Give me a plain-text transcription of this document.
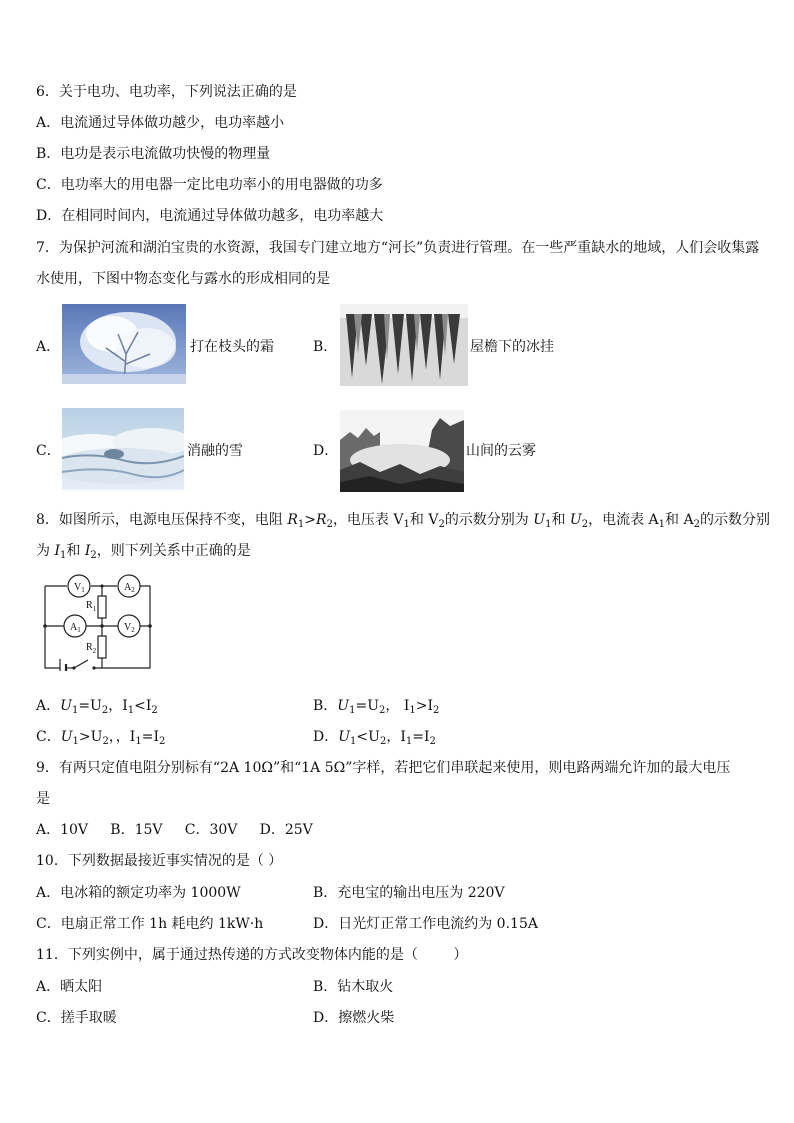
6．关于电功、电功率，下列说法正确的是
A．电流通过导体做功越少，电功率越小
B．电功是表示电流做功快慢的物理量
C．电功率大的用电器一定比电功率小的用电器做的功多
D．在相同时间内，电流通过导体做功越多，电功率越大
7．为保护河流和湖泊宝贵的水资源，我国专门建立地方“河长”负责进行管理。在一些严重缺水的地域，人们会收集露
水使用，下图中物态变化与露水的形成相同的是
A．	打在枝头的霜	B．	屋檐下的冰挂
C．	消融的雪	D．	山间的云雾
8．如图所示，电源电压保持不变，电阻 $R_1>R_2$，电压表 $V_1$和 $V_2$的示数分别为 $U_1$和 $U_2$，电流表 $A_1$和 $A_2$的示数分别
为 $I_1$和 $I_2$，则下列关系中正确的是
$V_1$	$A_2$
$R_1$
$A_1$	$V_2$
$R_2$
A．$U_1=U_2$，$I_1<I_2$	B．$U_1=U_2$， $I_1>I_2$
C．$U_1>U_2$，，$I_1=I_2$	D．$U_1<U_2$，$I_1=I_2$
9．有两只定值电阻分别标有“2A 10Ω”和“1A 5Ω”字样，若把它们串联起来使用，则电路两端允许加的最大电压
是
A．10V     B．15V     C．30V     D．25V
10．下列数据最接近事实情况的是（ ）
A．电冰箱的额定功率为 1000W	B．充电宝的输出电压为 220V
C．电扇正常工作 1h 耗电约 1kW·h	D．日光灯正常工作电流约为 0.15A
11．下列实例中，属于通过热传递的方式改变物体内能的是（        ）
A．晒太阳	B．钻木取火
C．搓手取暖	D．擦燃火柴
